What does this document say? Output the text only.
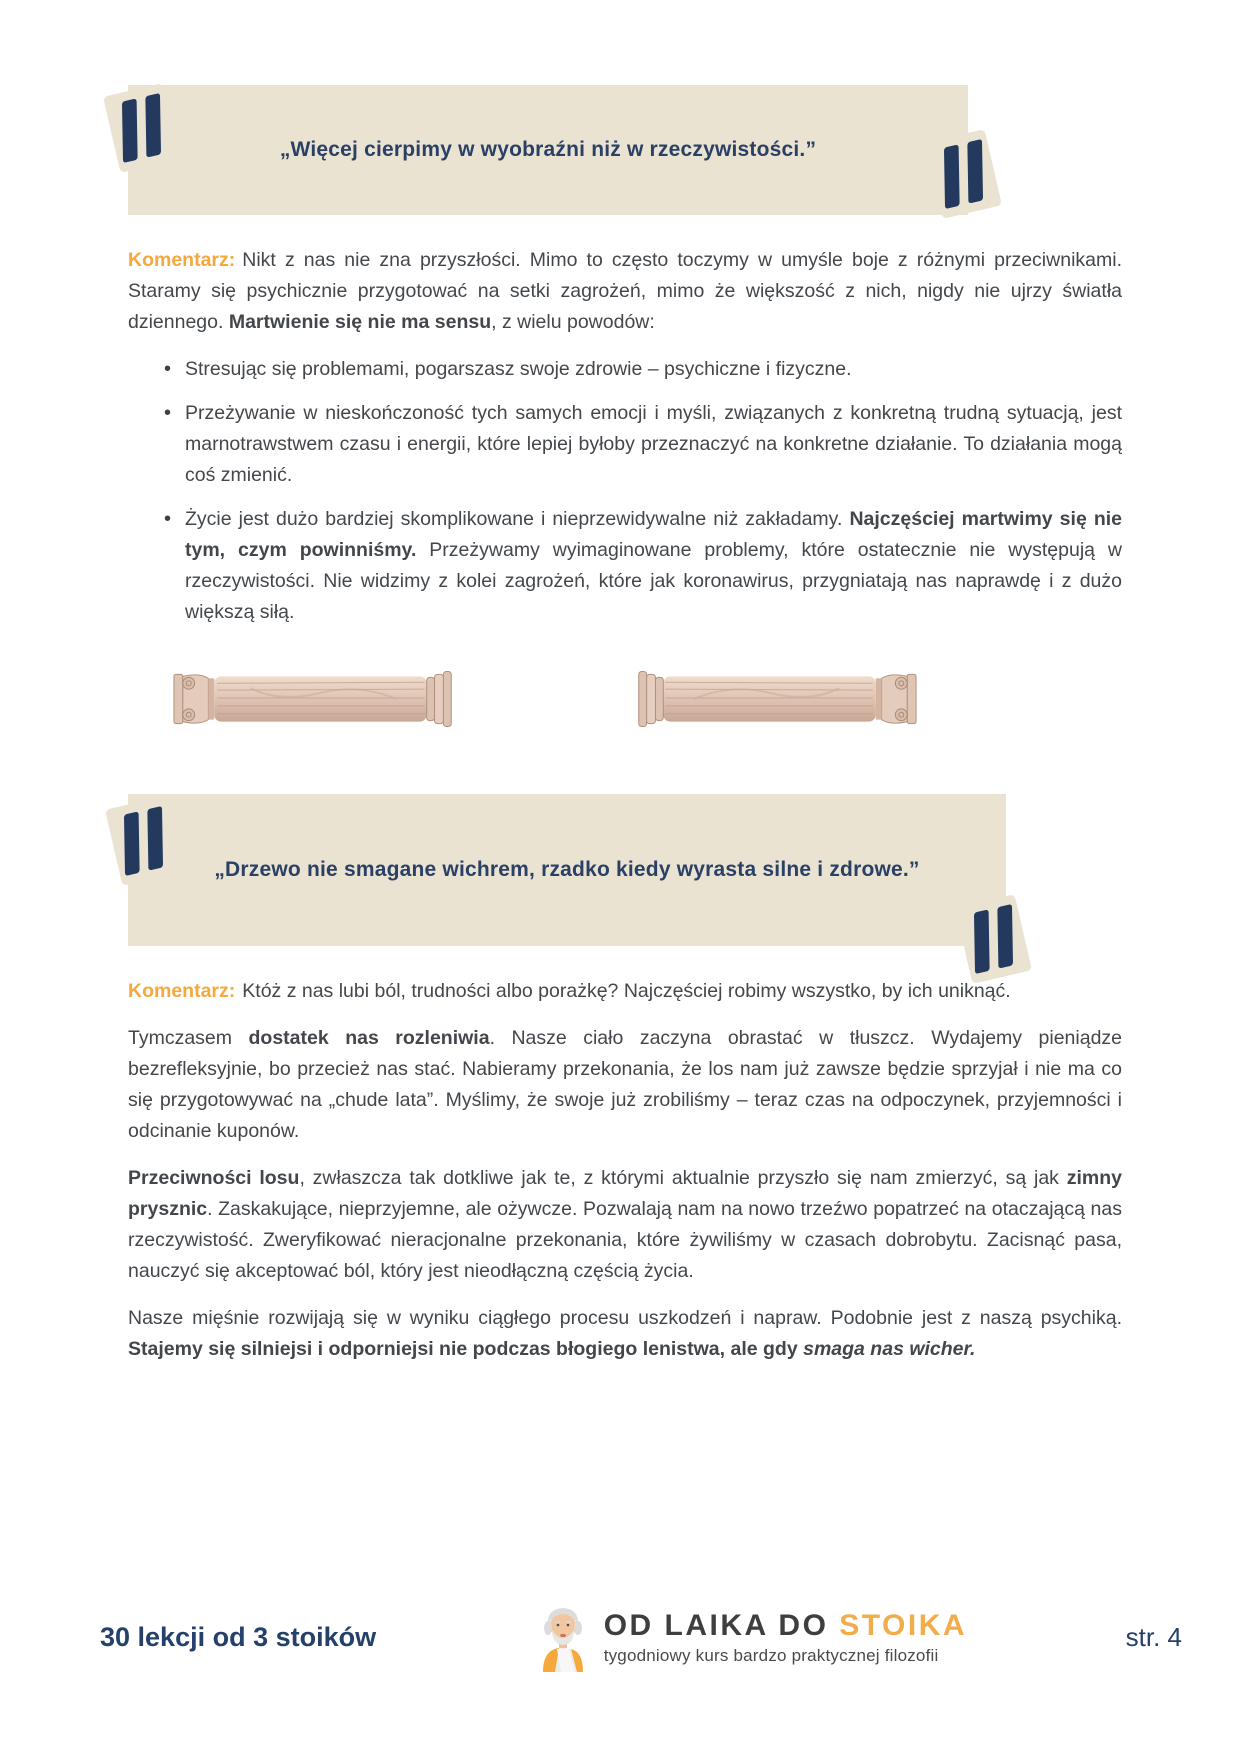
„Więcej cierpimy w wyobraźni niż w rzeczywistości.”

Komentarz: Nikt z nas nie zna przyszłości. Mimo to często toczymy w umyśle boje z różnymi przeciwnikami. Staramy się psychicznie przygotować na setki zagrożeń, mimo że większość z nich, nigdy nie ujrzy światła dziennego. Martwienie się nie ma sensu, z wielu powodów:

• Stresując się problemami, pogarszasz swoje zdrowie – psychiczne i fizyczne.
• Przeżywanie w nieskończoność tych samych emocji i myśli, związanych z konkretną trudną sytuacją, jest marnotrawstwem czasu i energii, które lepiej byłoby przeznaczyć na konkretne działanie. To działania mogą coś zmienić.
• Życie jest dużo bardziej skomplikowane i nieprzewidywalne niż zakładamy. Najczęściej martwimy się nie tym, czym powinniśmy. Przeżywamy wyimaginowane problemy, które ostatecznie nie występują w rzeczywistości. Nie widzimy z kolei zagrożeń, które jak koronawirus, przygniatają nas naprawdę i z dużo większą siłą.

„Drzewo nie smagane wichrem, rzadko kiedy wyrasta silne i zdrowe.”

Komentarz: Któż z nas lubi ból, trudności albo porażkę? Najczęściej robimy wszystko, by ich uniknąć.

Tymczasem dostatek nas rozleniwia. Nasze ciało zaczyna obrastać w tłuszcz. Wydajemy pieniądze bezrefleksyjnie, bo przecież nas stać. Nabieramy przekonania, że los nam już zawsze będzie sprzyjał i nie ma co się przygotowywać na „chude lata”. Myślimy, że swoje już zrobiliśmy – teraz czas na odpoczynek, przyjemności i odcinanie kuponów.

Przeciwności losu, zwłaszcza tak dotkliwe jak te, z którymi aktualnie przyszło się nam zmierzyć, są jak zimny prysznic. Zaskakujące, nieprzyjemne, ale ożywcze. Pozwalają nam na nowo trzeźwo popatrzeć na otaczającą nas rzeczywistość. Zweryfikować nieracjonalne przekonania, które żywiliśmy w czasach dobrobytu. Zacisnąć pasa, nauczyć się akceptować ból, który jest nieodłączną częścią życia.

Nasze mięśnie rozwijają się w wyniku ciągłego procesu uszkodzeń i napraw. Podobnie jest z naszą psychiką. Stajemy się silniejsi i odporniejsi nie podczas błogiego lenistwa, ale gdy smaga nas wicher.

30 lekcji od 3 stoików	OD LAIKA DO STOIKA
tygodniowy kurs bardzo praktycznej filozofii
str. 4
